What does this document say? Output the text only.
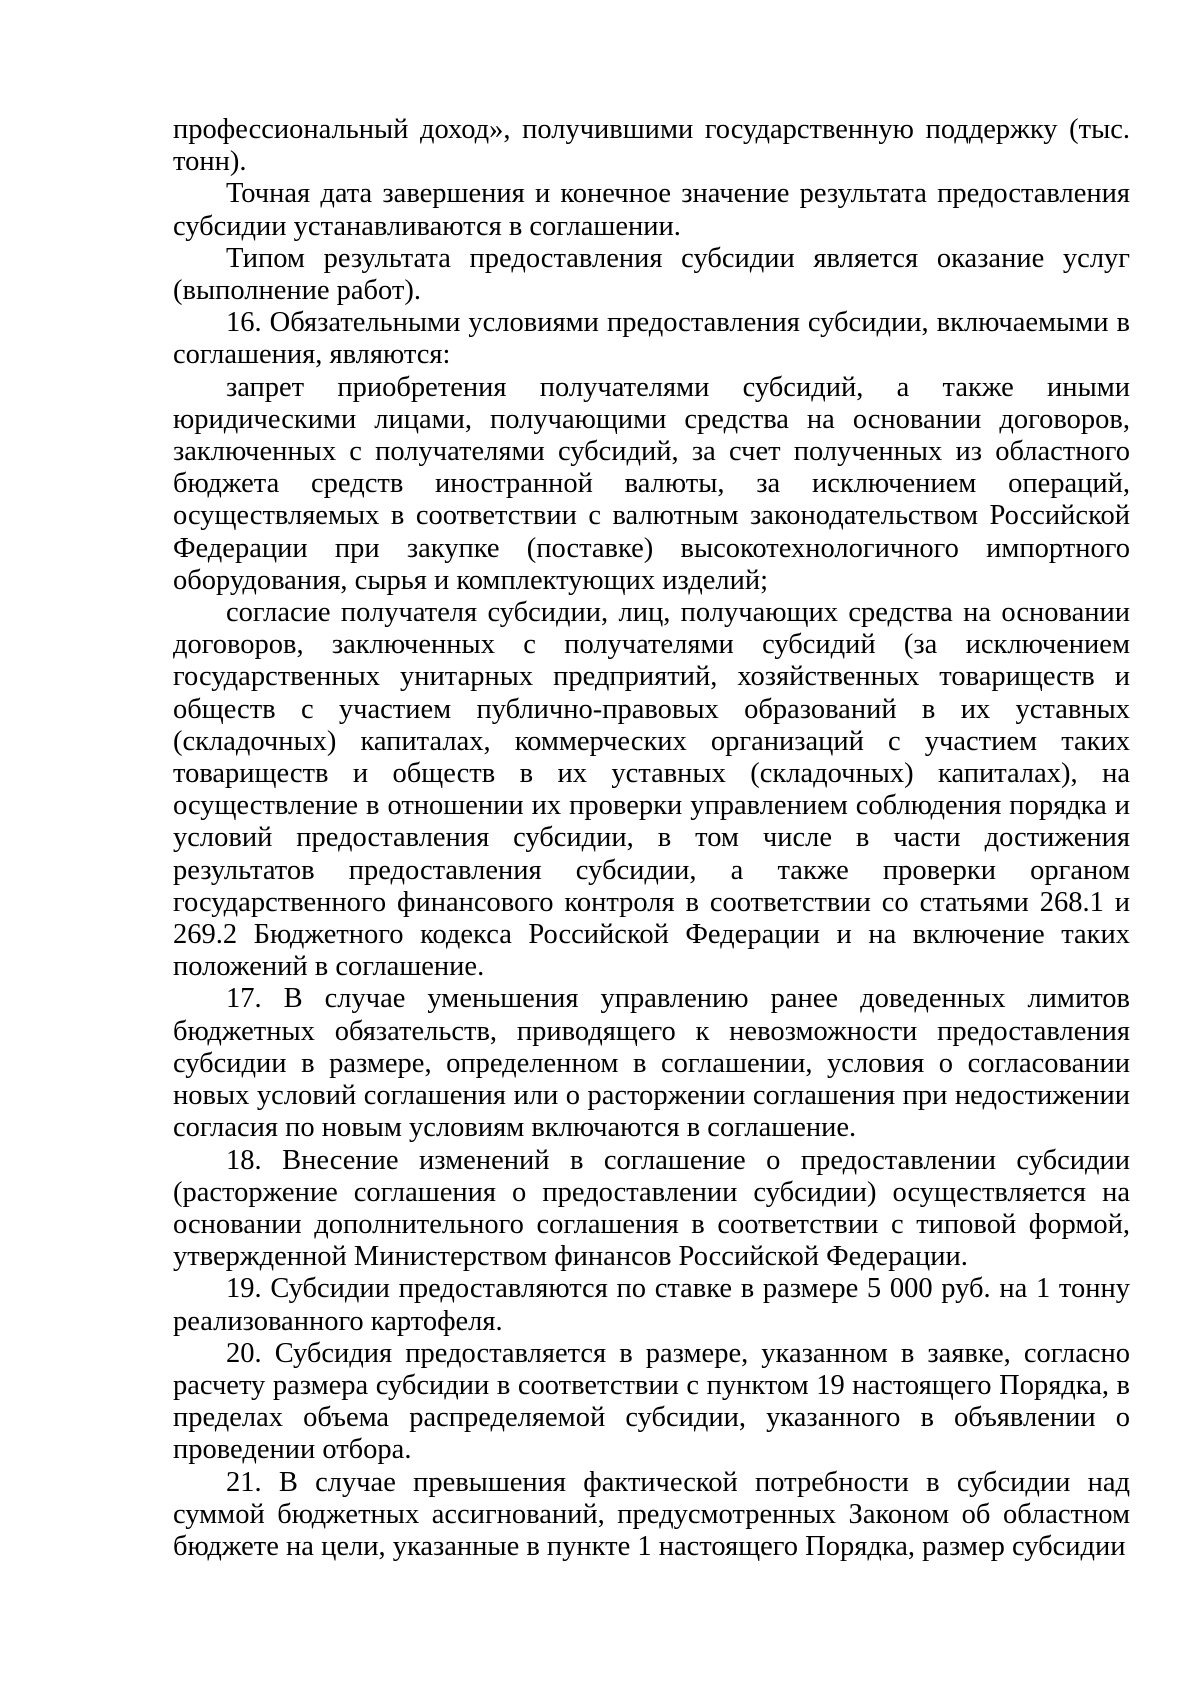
профессиональный доход», получившими государственную поддержку (тыс. тонн).

Точная дата завершения и конечное значение результата предоставления субсидии устанавливаются в соглашении.

Типом результата предоставления субсидии является оказание услуг (выполнение работ).

16. Обязательными условиями предоставления субсидии, включаемыми в соглашения, являются:

запрет приобретения получателями субсидий, а также иными юридическими лицами, получающими средства на основании договоров, заключенных с получателями субсидий, за счет полученных из областного бюджета средств иностранной валюты, за исключением операций, осуществляемых в соответствии с валютным законодательством Российской Федерации при закупке (поставке) высокотехнологичного импортного оборудования, сырья и комплектующих изделий;

согласие получателя субсидии, лиц, получающих средства на основании договоров, заключенных с получателями субсидий (за исключением государственных унитарных предприятий, хозяйственных товариществ и обществ с участием публично-правовых образований в их уставных (складочных) капиталах, коммерческих организаций с участием таких товариществ и обществ в их уставных (складочных) капиталах), на осуществление в отношении их проверки управлением соблюдения порядка и условий предоставления субсидии, в том числе в части достижения результатов предоставления субсидии, а также проверки органом государственного финансового контроля в соответствии со статьями 268.1 и 269.2 Бюджетного кодекса Российской Федерации и на включение таких положений в соглашение.

17. В случае уменьшения управлению ранее доведенных лимитов бюджетных обязательств, приводящего к невозможности предоставления субсидии в размере, определенном в соглашении, условия о согласовании новых условий соглашения или о расторжении соглашения при недостижении согласия по новым условиям включаются в соглашение.

18. Внесение изменений в соглашение о предоставлении субсидии (расторжение соглашения о предоставлении субсидии) осуществляется на основании дополнительного соглашения в соответствии с типовой формой, утвержденной Министерством финансов Российской Федерации.

19. Субсидии предоставляются по ставке в размере 5 000 руб. на 1 тонну реализованного картофеля.

20. Субсидия предоставляется в размере, указанном в заявке, согласно расчету размера субсидии в соответствии с пунктом 19 настоящего Порядка, в пределах объема распределяемой субсидии, указанного в объявлении о проведении отбора.

21. В случае превышения фактической потребности в субсидии над суммой бюджетных ассигнований, предусмотренных Законом об областном бюджете на цели, указанные в пункте 1 настоящего Порядка, размер субсидии
